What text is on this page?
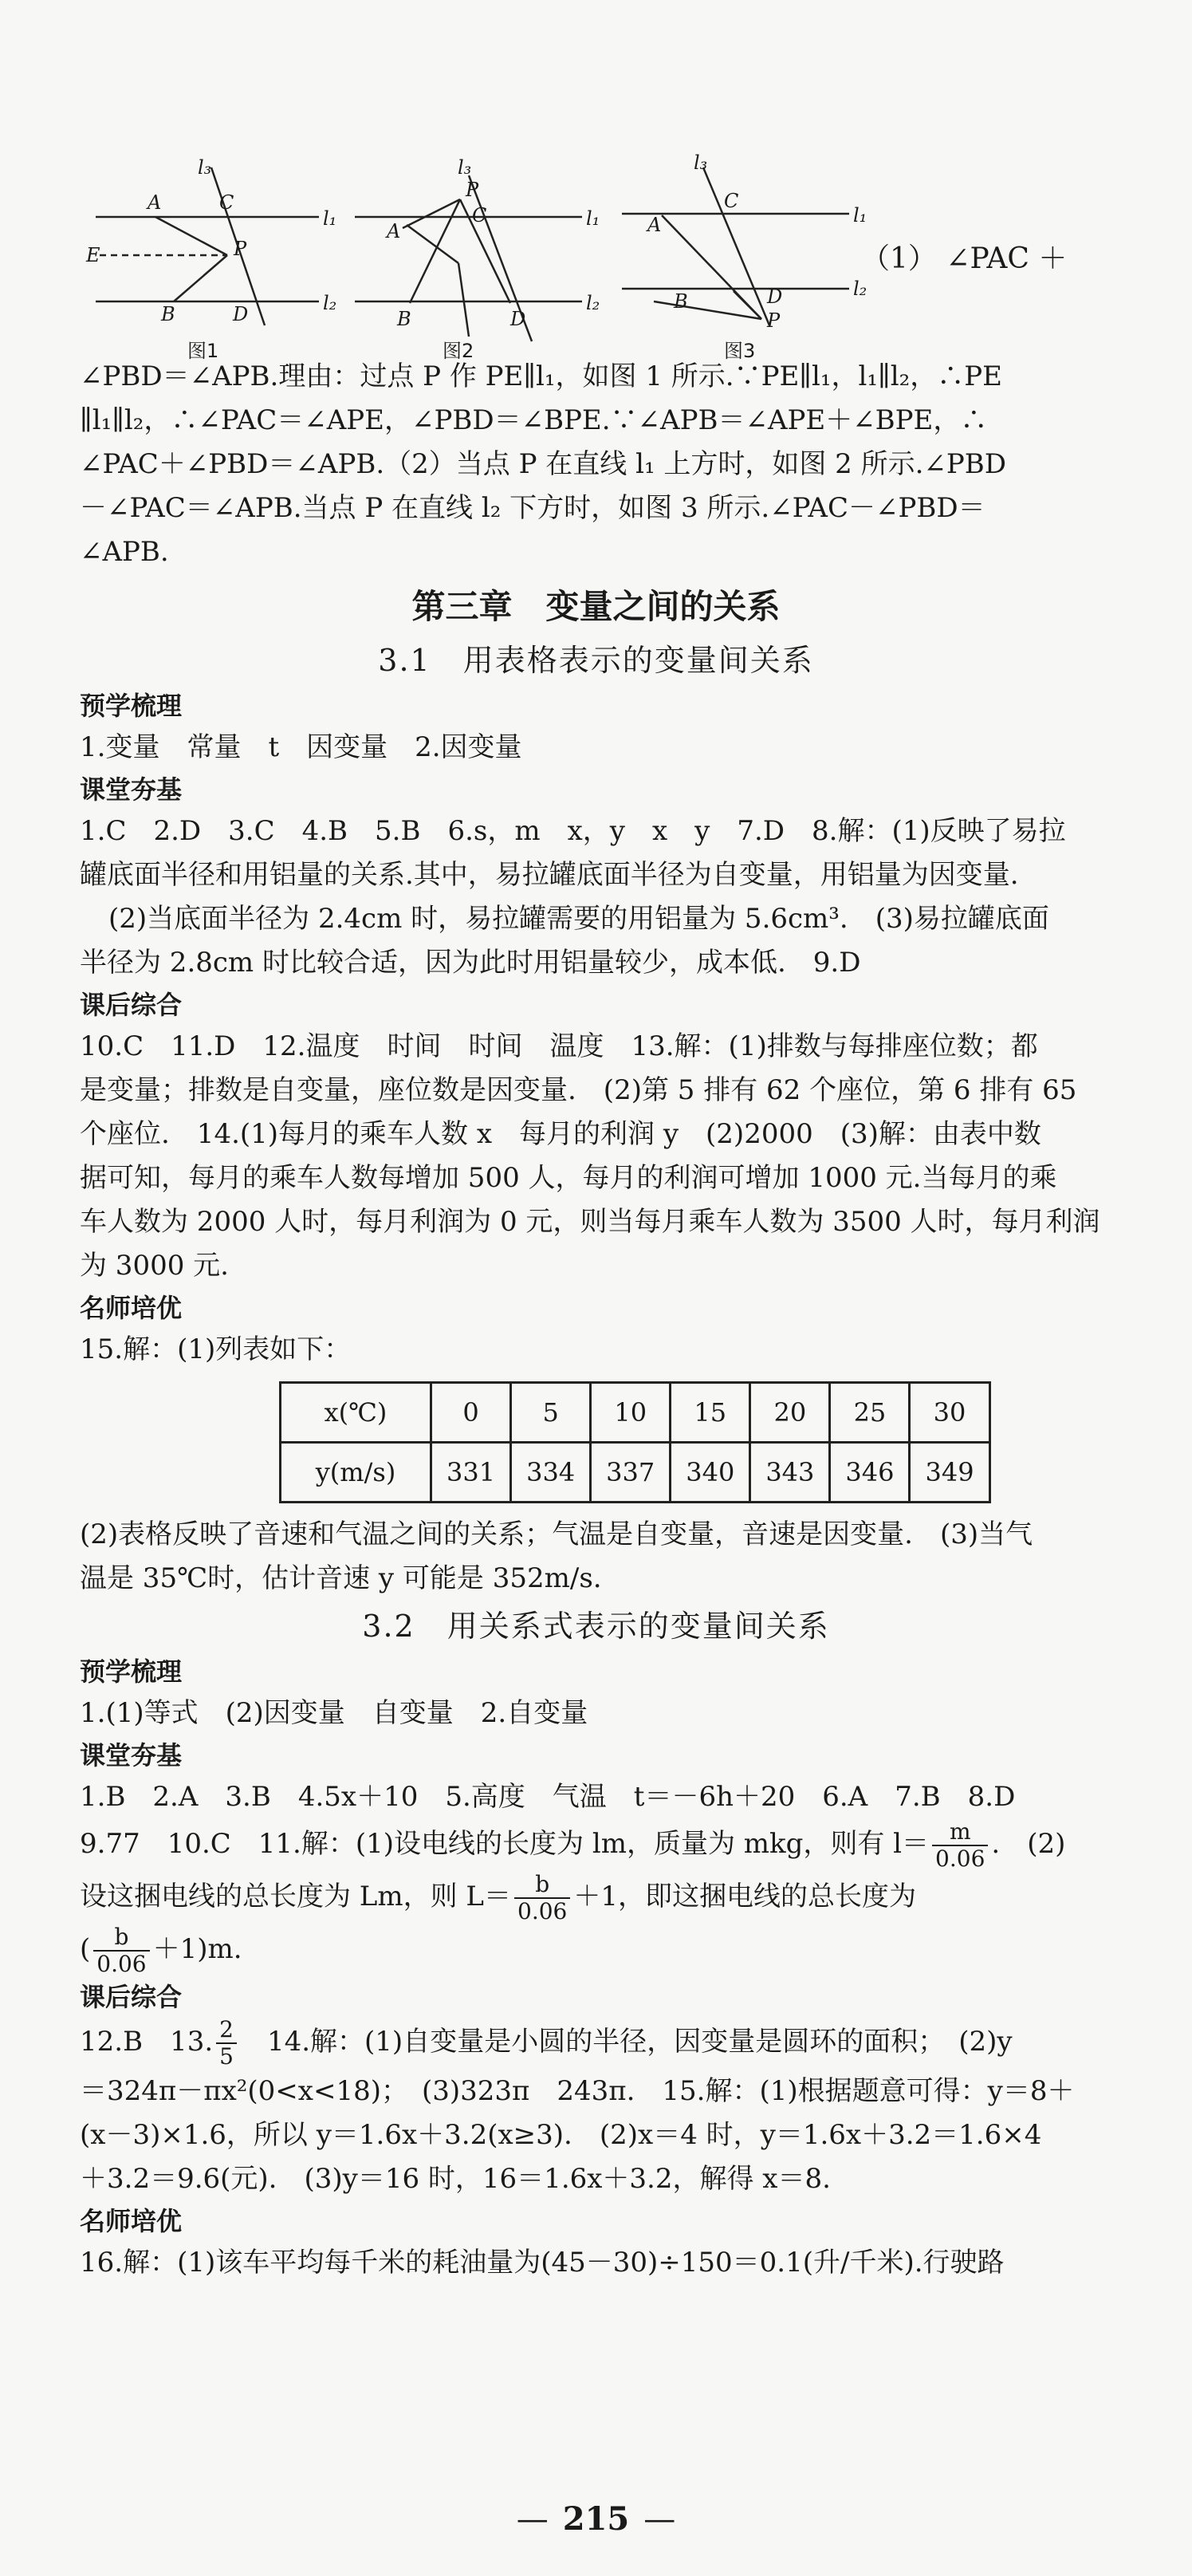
l₃
A	C
l₁
E	P
l₂
B	D
l₃
P
C
A
l₁
B	D
l₂
l₃
A
C
l₁
B	D
P
l₂
图1	图2	图3
（1） ∠PAC ＋

∠PBD＝∠APB.理由：过点 P 作 PE∥l₁，如图 1 所示.∵PE∥l₁，l₁∥l₂，∴PE

∥l₁∥l₂，∴∠PAC＝∠APE，∠PBD＝∠BPE.∵∠APB＝∠APE＋∠BPE，∴

∠PAC＋∠PBD＝∠APB.（2）当点 P 在直线 l₁ 上方时，如图 2 所示.∠PBD

－∠PAC＝∠APB.当点 P 在直线 l₂ 下方时，如图 3 所示.∠PAC－∠PBD＝

∠APB.

第三章　变量之间的关系
3.1　用表格表示的变量间关系

预学梳理

1.变量　常量　t　因变量　2.因变量

课堂夯基

1.C　2.D　3.C　4.B　5.B　6.s，m　x，y　x　y　7.D　8.解：(1)反映了易拉

罐底面半径和用铝量的关系.其中，易拉罐底面半径为自变量，用铝量为因变量.

(2)当底面半径为 2.4cm 时，易拉罐需要的用铝量为 5.6cm³.　(3)易拉罐底面

半径为 2.8cm 时比较合适，因为此时用铝量较少，成本低.　9.D

课后综合

10.C　11.D　12.温度　时间　时间　温度　13.解：(1)排数与每排座位数；都

是变量；排数是自变量，座位数是因变量.　(2)第 5 排有 62 个座位，第 6 排有 65

个座位.　14.(1)每月的乘车人数 x　每月的利润 y　(2)2000　(3)解：由表中数

据可知，每月的乘车人数每增加 500 人，每月的利润可增加 1000 元.当每月的乘

车人数为 2000 人时，每月利润为 0 元，则当每月乘车人数为 3500 人时，每月利润

为 3000 元.

名师培优

15.解：(1)列表如下：

x(℃)	0	5	10	15	20	25	30
y(m/s)	331	334	337	340	343	346	349

(2)表格反映了音速和气温之间的关系；气温是自变量，音速是因变量.　(3)当气

温是 35℃时，估计音速 y 可能是 352m/s.

3.2　用关系式表示的变量间关系

预学梳理

1.(1)等式　(2)因变量　自变量　2.自变量

课堂夯基

1.B　2.A　3.B　4.5x＋10　5.高度　气温　t＝－6h＋20　6.A　7.B　8.D

9.77　10.C　11.解：(1)设电线的长度为 lm，质量为 mkg，则有 $l= \frac{m}{0.06}$ .　(2)

设这捆电线的总长度为 Lm，则 $L= \frac{b}{0.06} +1$，即这捆电线的总长度为

( $\frac{b}{0.06} +1)m$.

课后综合

12.B　13. $\frac{2}{5}$ 　14.解：(1)自变量是小圆的半径，因变量是圆环的面积；　(2)y

＝324π－πx²(0<x<18)；　(3)323π　243π.　15.解：(1)根据题意可得：y＝8＋

(x－3)×1.6，所以 y＝1.6x＋3.2(x≥3).　(2)x＝4 时，y＝1.6x＋3.2＝1.6×4

＋3.2＝9.6(元).　(3)y＝16 时，16＝1.6x＋3.2，解得 x＝8.

名师培优

16.解：(1)该车平均每千米的耗油量为(45－30)÷150＝0.1(升/千米).行驶路

— 215 —
